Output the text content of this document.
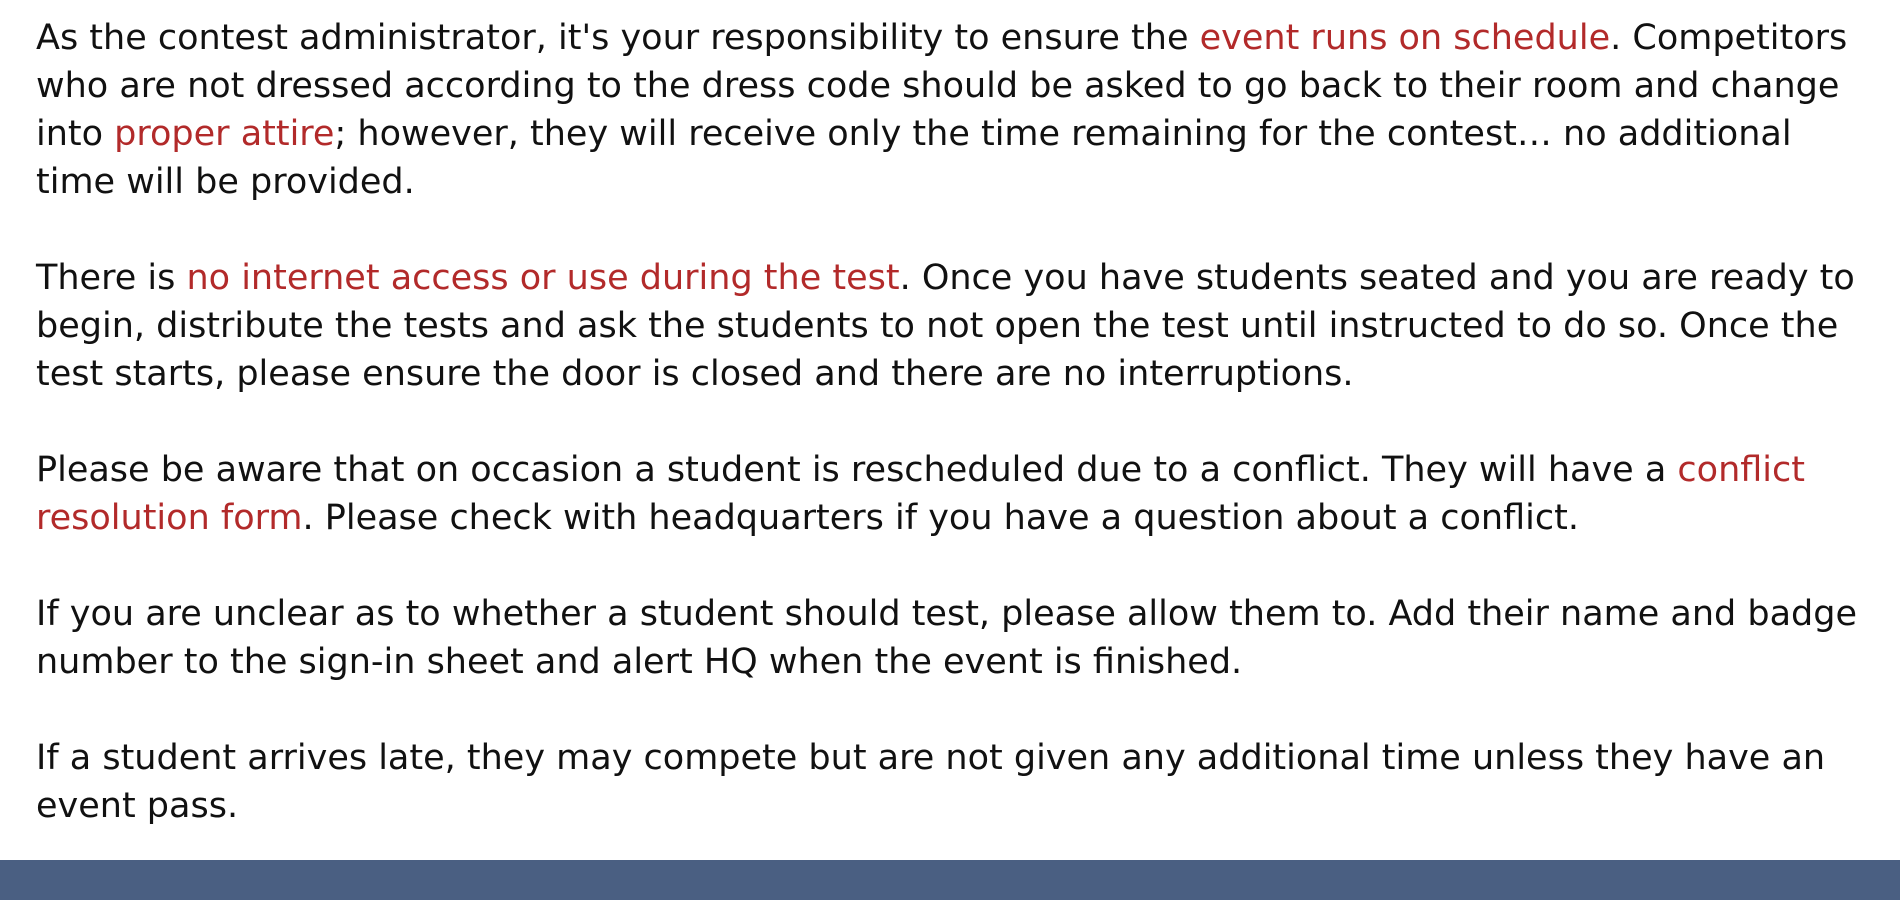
As the contest administrator, it's your responsibility to ensure the event runs on schedule. Competitors who are not dressed according to the dress code should be asked to go back to their room and change into proper attire; however, they will receive only the time remaining for the contest… no additional time will be provided.

There is no internet access or use during the test. Once you have students seated and you are ready to begin, distribute the tests and ask the students to not open the test until instructed to do so. Once the test starts, please ensure the door is closed and there are no interruptions.

Please be aware that on occasion a student is rescheduled due to a conflict. They will have a conflict resolution form. Please check with headquarters if you have a question about a conflict.

If you are unclear as to whether a student should test, please allow them to. Add their name and badge number to the sign-in sheet and alert HQ when the event is finished.

If a student arrives late, they may compete but are not given any additional time unless they have an event pass.
